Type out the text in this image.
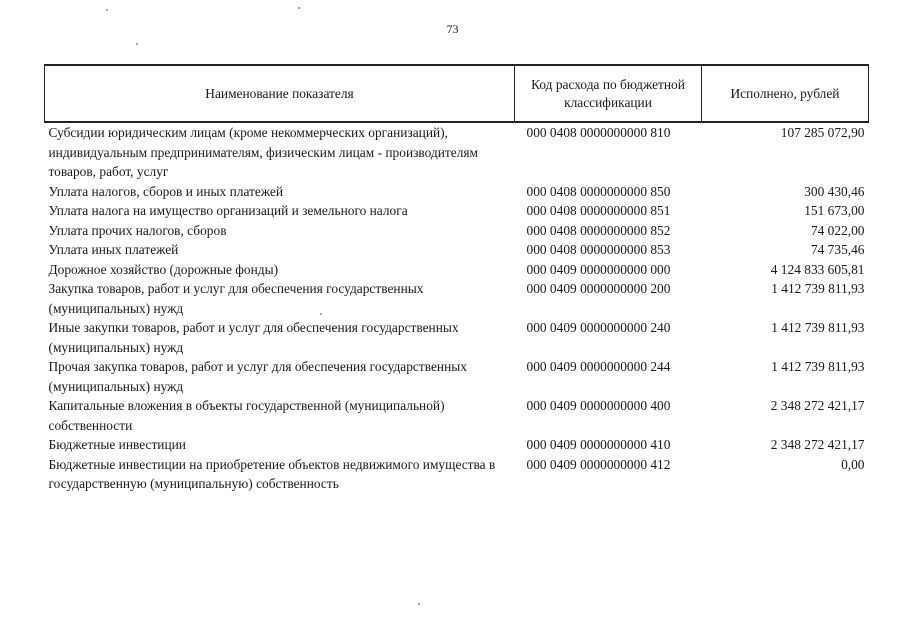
73
Наименование показателя	Код расхода по бюджетной классификации	Исполнено, рублей
Субсидии юридическим лицам (кроме некоммерческих организаций), индивидуальным предпринимателям, физическим лицам - производителям товаров, работ, услуг	000 0408 0000000000 810	107 285 072,90
Уплата налогов, сборов и иных платежей	000 0408 0000000000 850	300 430,46
Уплата налога на имущество организаций и земельного налога	000 0408 0000000000 851	151 673,00
Уплата прочих налогов, сборов	000 0408 0000000000 852	74 022,00
Уплата иных платежей	000 0408 0000000000 853	74 735,46
Дорожное хозяйство (дорожные фонды)	000 0409 0000000000 000	4 124 833 605,81
Закупка товаров, работ и услуг для обеспечения государственных (муниципальных) нужд	000 0409 0000000000 200	1 412 739 811,93
Иные закупки товаров, работ и услуг для обеспечения государственных (муниципальных) нужд	000 0409 0000000000 240	1 412 739 811,93
Прочая закупка товаров, работ и услуг для обеспечения государственных (муниципальных) нужд	000 0409 0000000000 244	1 412 739 811,93
Капитальные вложения в объекты государственной (муниципальной) собственности	000 0409 0000000000 400	2 348 272 421,17
Бюджетные инвестиции	000 0409 0000000000 410	2 348 272 421,17
Бюджетные инвестиции на приобретение объектов недвижимого имущества в государственную (муниципальную) собственность	000 0409 0000000000 412	0,00
